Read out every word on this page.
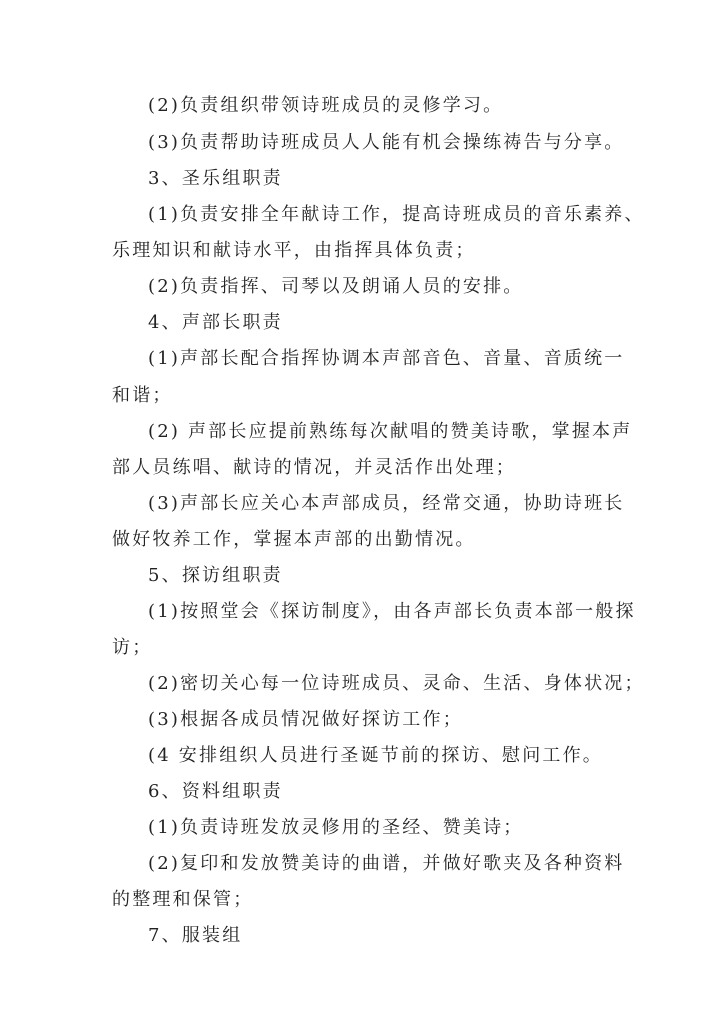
(2)负责组织带领诗班成员的灵修学习。
(3)负责帮助诗班成员人人能有机会操练祷告与分享。
3、圣乐组职责
(1)负责安排全年献诗工作，提高诗班成员的音乐素养、
乐理知识和献诗水平，由指挥具体负责；
(2)负责指挥、司琴以及朗诵人员的安排。
4、声部长职责
(1)声部长配合指挥协调本声部音色、音量、音质统一
和谐；
(2) 声部长应提前熟练每次献唱的赞美诗歌，掌握本声
部人员练唱、献诗的情况，并灵活作出处理；
(3)声部长应关心本声部成员，经常交通，协助诗班长
做好牧养工作，掌握本声部的出勤情况。
5、探访组职责
(1)按照堂会《探访制度》，由各声部长负责本部一般探
访；
(2)密切关心每一位诗班成员、灵命、生活、身体状况；
(3)根据各成员情况做好探访工作；
(4 安排组织人员进行圣诞节前的探访、慰问工作。
6、资料组职责
(1)负责诗班发放灵修用的圣经、赞美诗；
(2)复印和发放赞美诗的曲谱，并做好歌夹及各种资料
的整理和保管；
7、服装组
